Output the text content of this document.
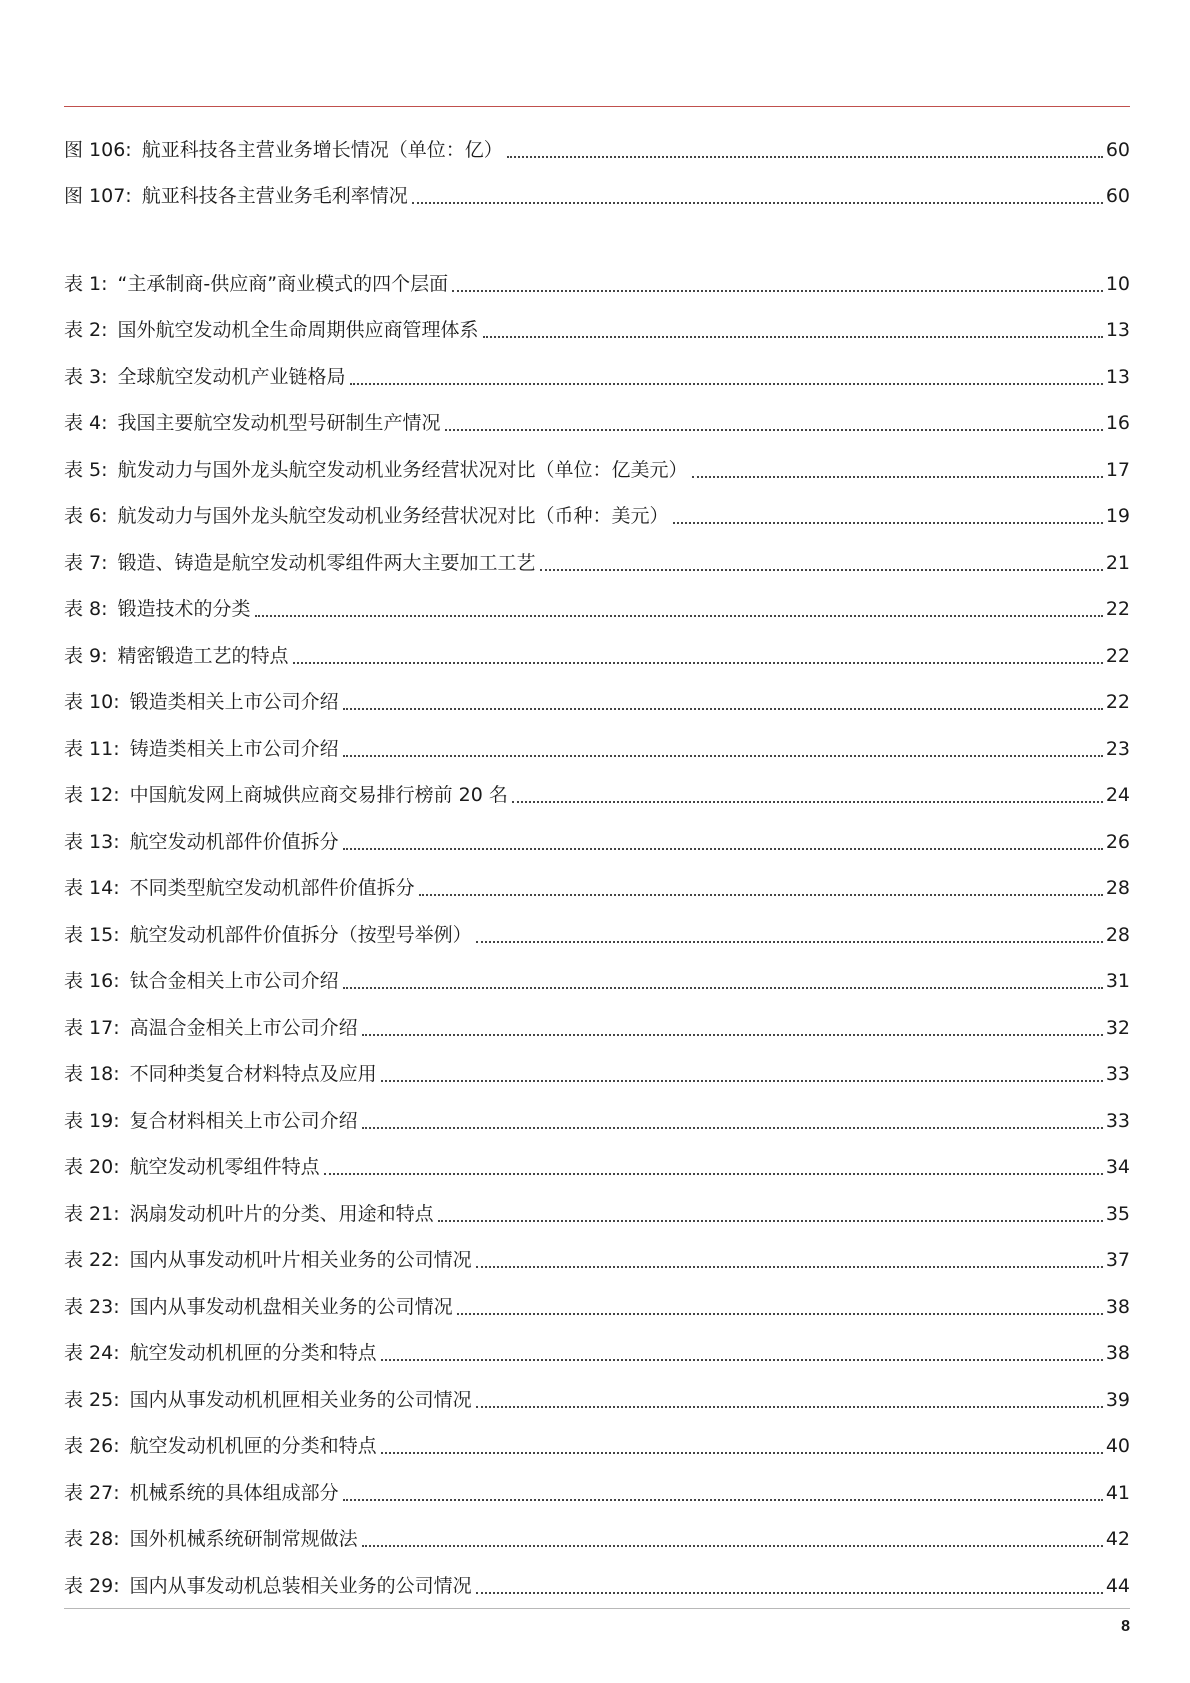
图 106: 航亚科技各主营业务增长情况（单位：亿）	60
图 107: 航亚科技各主营业务毛利率情况	60
表 1: “主承制商-供应商”商业模式的四个层面	10
表 2: 国外航空发动机全生命周期供应商管理体系	13
表 3: 全球航空发动机产业链格局	13
表 4: 我国主要航空发动机型号研制生产情况	16
表 5: 航发动力与国外龙头航空发动机业务经营状况对比（单位：亿美元）	17
表 6: 航发动力与国外龙头航空发动机业务经营状况对比（币种：美元）	19
表 7: 锻造、铸造是航空发动机零组件两大主要加工工艺	21
表 8: 锻造技术的分类	22
表 9: 精密锻造工艺的特点	22
表 10: 锻造类相关上市公司介绍	22
表 11: 铸造类相关上市公司介绍	23
表 12: 中国航发网上商城供应商交易排行榜前 20 名	24
表 13: 航空发动机部件价值拆分	26
表 14: 不同类型航空发动机部件价值拆分	28
表 15: 航空发动机部件价值拆分（按型号举例）	28
表 16: 钛合金相关上市公司介绍	31
表 17: 高温合金相关上市公司介绍	32
表 18: 不同种类复合材料特点及应用	33
表 19: 复合材料相关上市公司介绍	33
表 20: 航空发动机零组件特点	34
表 21: 涡扇发动机叶片的分类、用途和特点	35
表 22: 国内从事发动机叶片相关业务的公司情况	37
表 23: 国内从事发动机盘相关业务的公司情况	38
表 24: 航空发动机机匣的分类和特点	38
表 25: 国内从事发动机机匣相关业务的公司情况	39
表 26: 航空发动机机匣的分类和特点	40
表 27: 机械系统的具体组成部分	41
表 28: 国外机械系统研制常规做法	42
表 29: 国内从事发动机总装相关业务的公司情况	44
8
